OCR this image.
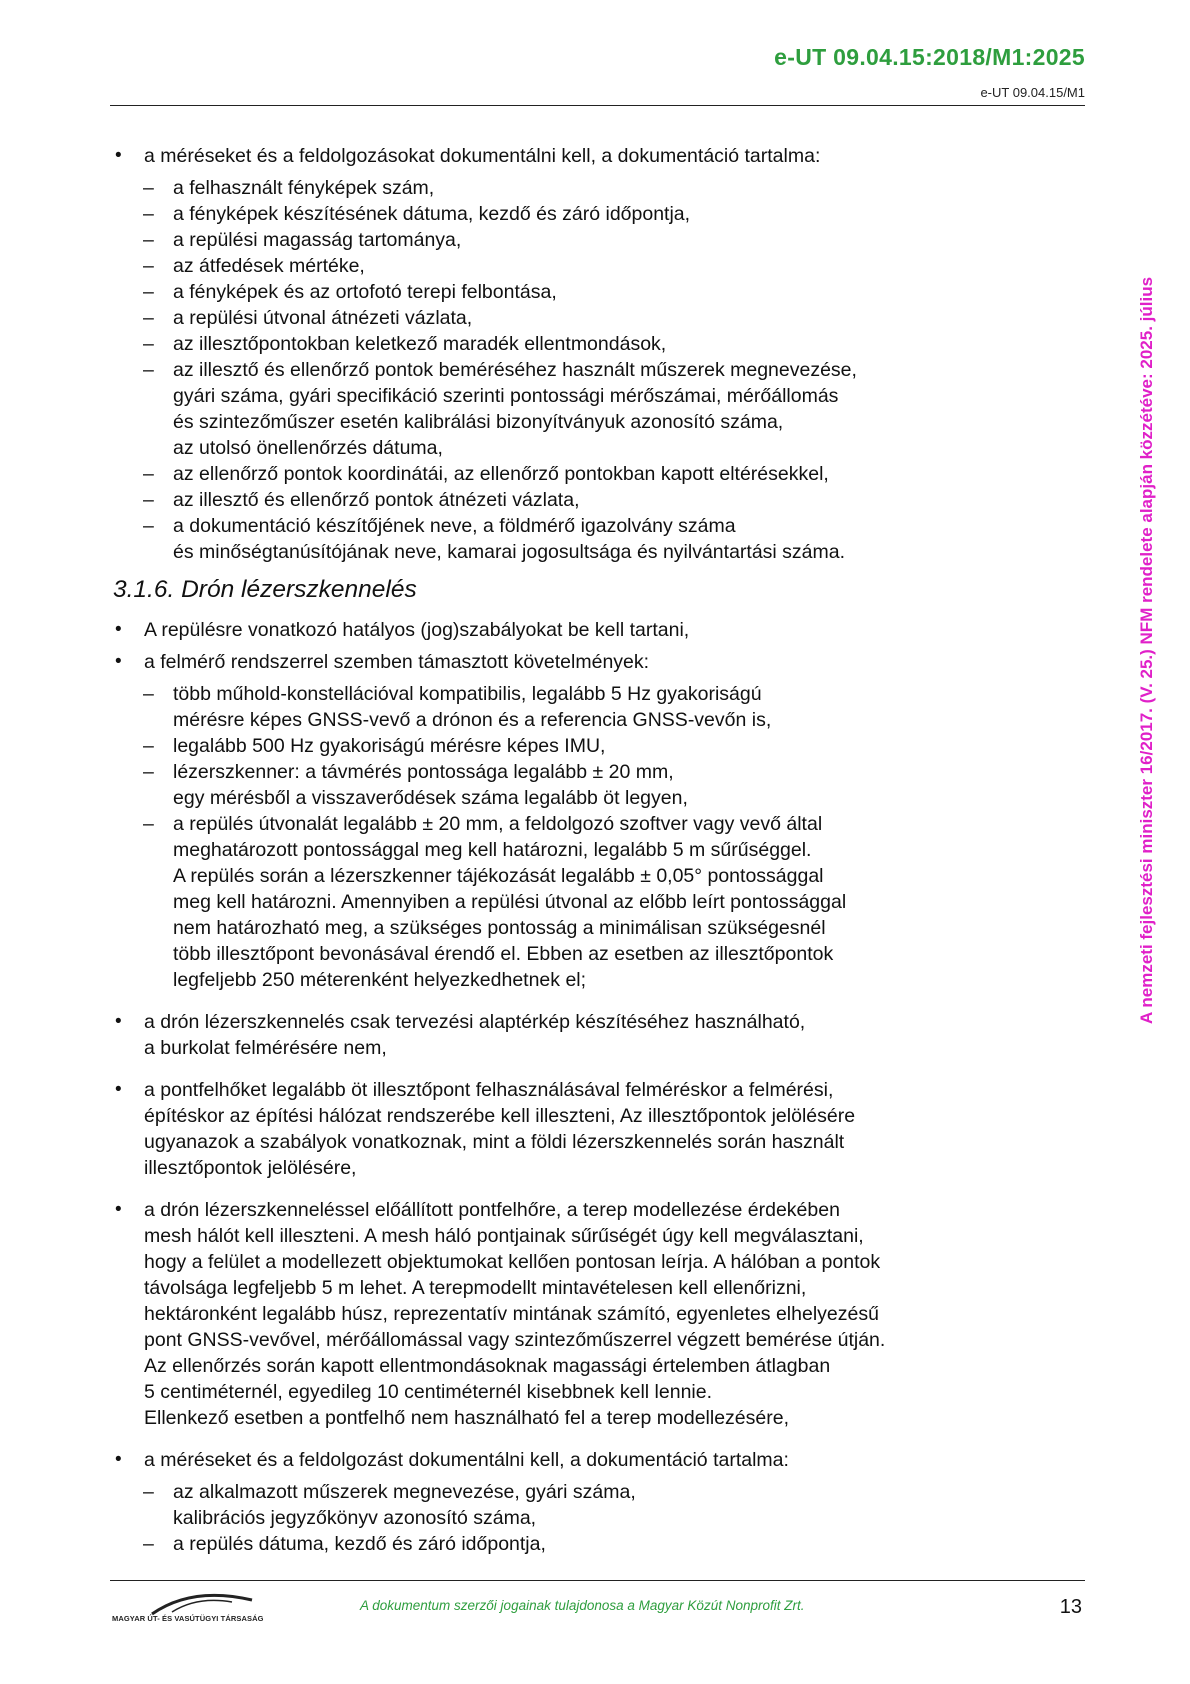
e-UT 09.04.15:2018/M1:2025
e-UT 09.04.15/M1
A nemzeti fejlesztési miniszter 16/2017. (V. 25.) NFM rendelete alapján közzétéve: 2025. július
• a méréseket és a feldolgozásokat dokumentálni kell, a dokumentáció tartalma:
– a felhasznált fényképek szám,
– a fényképek készítésének dátuma, kezdő és záró időpontja,
– a repülési magasság tartománya,
– az átfedések mértéke,
– a fényképek és az ortofotó terepi felbontása,
– a repülési útvonal átnézeti vázlata,
– az illesztőpontokban keletkező maradék ellentmondások,
– az illesztő és ellenőrző pontok beméréséhez használt műszerek megnevezése,
gyári száma, gyári specifikáció szerinti pontossági mérőszámai, mérőállomás
és szintezőműszer esetén kalibrálási bizonyítványuk azonosító száma,
az utolsó önellenőrzés dátuma,
– az ellenőrző pontok koordinátái, az ellenőrző pontokban kapott eltérésekkel,
– az illesztő és ellenőrző pontok átnézeti vázlata,
– a dokumentáció készítőjének neve, a földmérő igazolvány száma
és minőségtanúsítójának neve, kamarai jogosultsága és nyilvántartási száma.
3.1.6. Drón lézerszkennelés
• A repülésre vonatkozó hatályos (jog)szabályokat be kell tartani,
• a felmérő rendszerrel szemben támasztott követelmények:
– több műhold-konstellációval kompatibilis, legalább 5 Hz gyakoriságú
mérésre képes GNSS-vevő a drónon és a referencia GNSS-vevőn is,
– legalább 500 Hz gyakoriságú mérésre képes IMU,
– lézerszkenner: a távmérés pontossága legalább ± 20 mm,
egy mérésből a visszaverődések száma legalább öt legyen,
– a repülés útvonalát legalább ± 20 mm, a feldolgozó szoftver vagy vevő által
meghatározott pontossággal meg kell határozni, legalább 5 m sűrűséggel.
A repülés során a lézerszkenner tájékozását legalább ± 0,05° pontossággal
meg kell határozni. Amennyiben a repülési útvonal az előbb leírt pontossággal
nem határozható meg, a szükséges pontosság a minimálisan szükségesnél
több illesztőpont bevonásával érendő el. Ebben az esetben az illesztőpontok
legfeljebb 250 méterenként helyezkedhetnek el;
• a drón lézerszkennelés csak tervezési alaptérkép készítéséhez használható,
a burkolat felmérésére nem,
• a pontfelhőket legalább öt illesztőpont felhasználásával felméréskor a felmérési,
építéskor az építési hálózat rendszerébe kell illeszteni, Az illesztőpontok jelölésére
ugyanazok a szabályok vonatkoznak, mint a földi lézerszkennelés során használt
illesztőpontok jelölésére,
• a drón lézerszkenneléssel előállított pontfelhőre, a terep modellezése érdekében
mesh hálót kell illeszteni. A mesh háló pontjainak sűrűségét úgy kell megválasztani,
hogy a felület a modellezett objektumokat kellően pontosan leírja. A hálóban a pontok
távolsága legfeljebb 5 m lehet. A terepmodellt mintavételesen kell ellenőrizni,
hektáronként legalább húsz, reprezentatív mintának számító, egyenletes elhelyezésű
pont GNSS-vevővel, mérőállomással vagy szintezőműszerrel végzett bemérése útján.
Az ellenőrzés során kapott ellentmondásoknak magassági értelemben átlagban
5 centiméternél, egyedileg 10 centiméternél kisebbnek kell lennie.
Ellenkező esetben a pontfelhő nem használható fel a terep modellezésére,
• a méréseket és a feldolgozást dokumentálni kell, a dokumentáció tartalma:
– az alkalmazott műszerek megnevezése, gyári száma,
kalibrációs jegyzőkönyv azonosító száma,
– a repülés dátuma, kezdő és záró időpontja,
MAGYAR ÚT- ÉS VASÚTÜGYI TÁRSASÁG
A dokumentum szerzői jogainak tulajdonosa a Magyar Közút Nonprofit Zrt.	13
